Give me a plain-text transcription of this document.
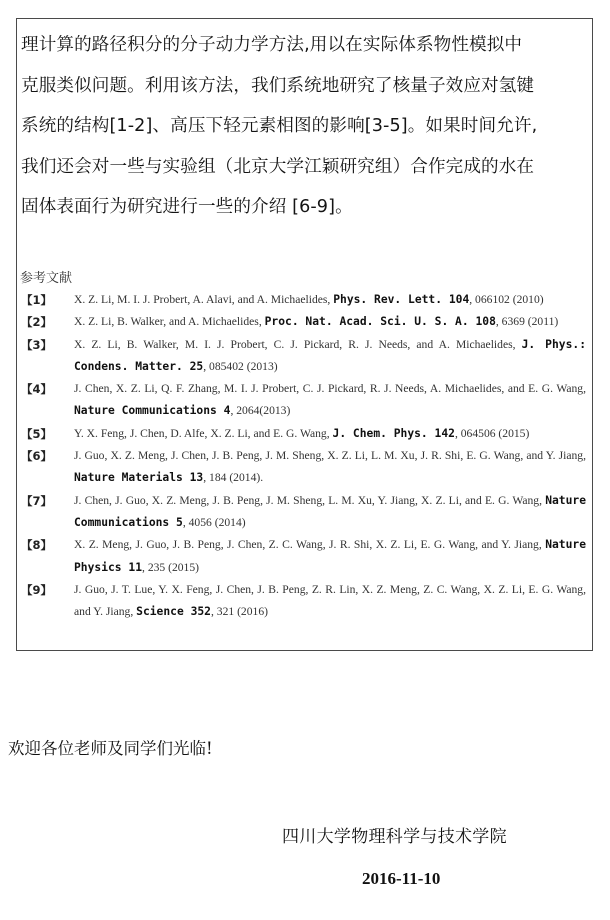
理计算的路径积分的分子动力学方法,用以在实际体系物性模拟中
克服类似问题。利用该方法，我们系统地研究了核量子效应对氢键
系统的结构[1-2]、高压下轻元素相图的影响[3-5]。如果时间允许,
我们还会对一些与实验组（北京大学江颖研究组）合作完成的水在
固体表面行为研究进行一些的介绍 [6-9]。
参考文献
【1】 X. Z. Li, M. I. J. Probert, A. Alavi, and A. Michaelides, Phys. Rev. Lett. 104, 066102 (2010)
【2】 X. Z. Li, B. Walker, and A. Michaelides, Proc. Nat. Acad. Sci. U. S. A. 108, 6369 (2011)
【3】 X. Z. Li, B. Walker, M. I. J. Probert, C. J. Pickard, R. J. Needs, and A. Michaelides, J. Phys.: Condens. Matter. 25, 085402 (2013)
【4】 J. Chen, X. Z. Li, Q. F. Zhang, M. I. J. Probert, C. J. Pickard, R. J. Needs, A. Michaelides, and E. G. Wang, Nature Communications 4, 2064(2013)
【5】 Y. X. Feng, J. Chen, D. Alfe, X. Z. Li, and E. G. Wang, J. Chem. Phys. 142, 064506 (2015)
【6】 J. Guo, X. Z. Meng, J. Chen, J. B. Peng, J. M. Sheng, X. Z. Li, L. M. Xu, J. R. Shi, E. G. Wang, and Y. Jiang, Nature Materials 13, 184 (2014).
【7】 J. Chen, J. Guo, X. Z. Meng, J. B. Peng, J. M. Sheng, L. M. Xu, Y. Jiang, X. Z. Li, and E. G. Wang, Nature Communications 5, 4056 (2014)
【8】 X. Z. Meng, J. Guo, J. B. Peng, J. Chen, Z. C. Wang, J. R. Shi, X. Z. Li, E. G. Wang, and Y. Jiang, Nature Physics 11, 235 (2015)
【9】 J. Guo, J. T. Lue, Y. X. Feng, J. Chen, J. B. Peng, Z. R. Lin, X. Z. Meng, Z. C. Wang, X. Z. Li, E. G. Wang, and Y. Jiang, Science 352, 321 (2016)
欢迎各位老师及同学们光临!
四川大学物理科学与技术学院
2016-11-10
